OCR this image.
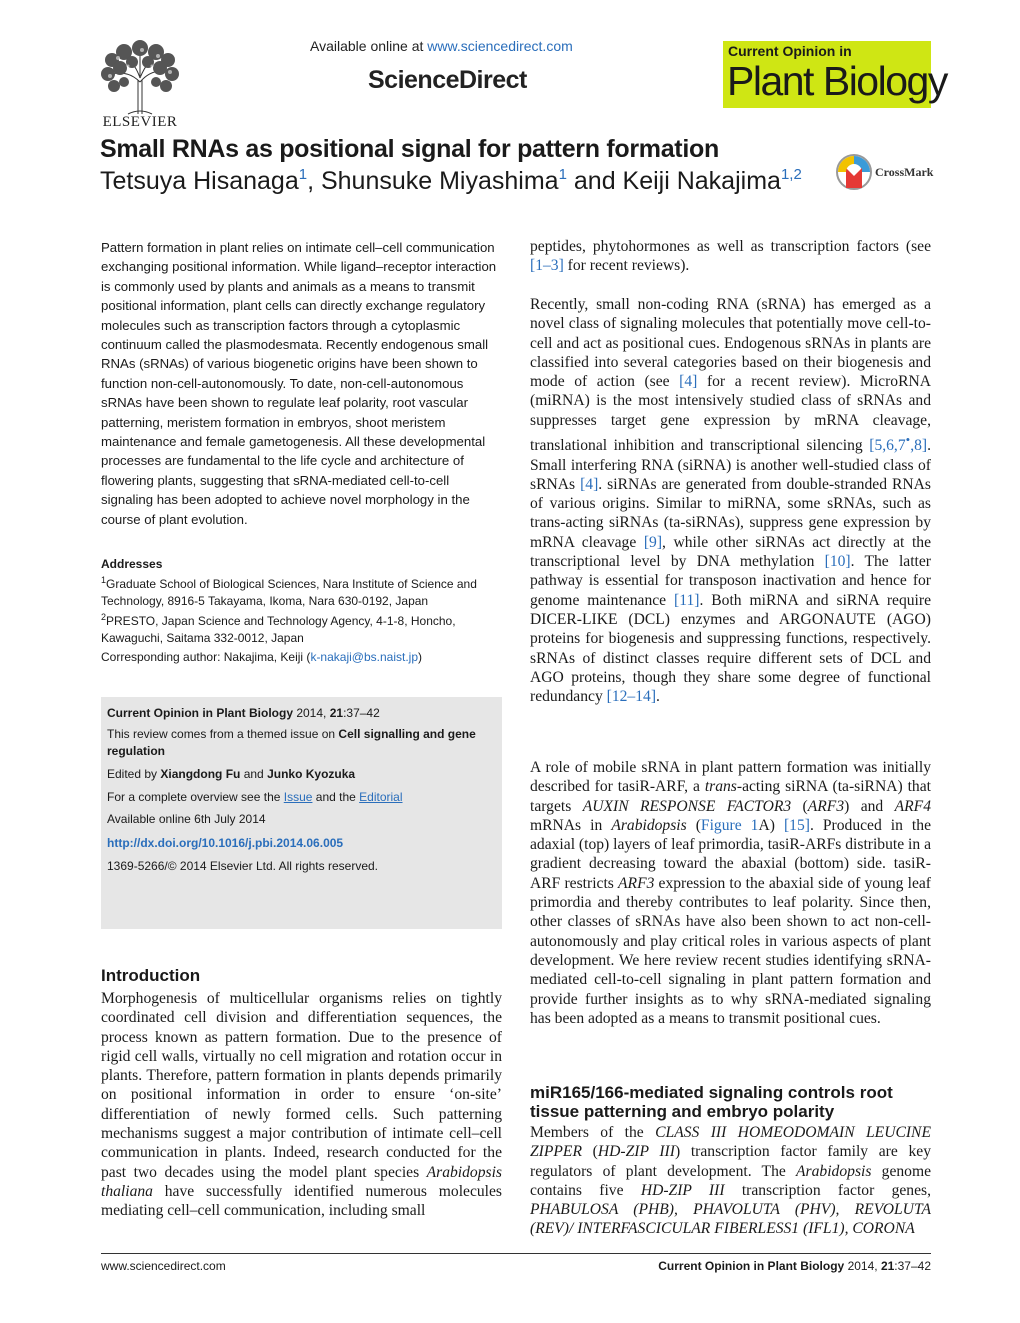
ELSEVIER
Available online at www.sciencedirect.com
ScienceDirect
Current Opinion in
Plant Biology
Small RNAs as positional signal for pattern formation
Tetsuya Hisanaga$^1$, Shunsuke Miyashima$^1$ and Keiji Nakajima$^{1,2}$	CrossMark

Pattern formation in plant relies on intimate cell–cell communication exchanging positional information. While ligand–receptor interaction is commonly used by plants and animals as a means to transmit positional information, plant cells can directly exchange regulatory molecules such as transcription factors through a cytoplasmic continuum called the plasmodesmata. Recently endogenous small RNAs (sRNAs) of various biogenetic origins have been shown to function non-cell-autonomously. To date, non-cell-autonomous sRNAs have been shown to regulate leaf polarity, root vascular patterning, meristem formation in embryos, shoot meristem maintenance and female gametogenesis. All these developmental processes are fundamental to the life cycle and architecture of flowering plants, suggesting that sRNA-mediated cell-to-cell signaling has been adopted to achieve novel morphology in the course of plant evolution.

Addresses
$^1$Graduate School of Biological Sciences, Nara Institute of Science and
Technology, 8916-5 Takayama, Ikoma, Nara 630-0192, Japan
$^2$PRESTO, Japan Science and Technology Agency, 4-1-8, Honcho,
Kawaguchi, Saitama 332-0012, Japan
Corresponding author: Nakajima, Keiji (k-nakaji@bs.naist.jp)
Current Opinion in Plant Biology 2014, 21:37–42
This review comes from a themed issue on Cell signalling and gene regulation
Edited by Xiangdong Fu and Junko Kyozuka
For a complete overview see the Issue and the Editorial
Available online 6th July 2014
http://dx.doi.org/10.1016/j.pbi.2014.06.005
1369-5266/© 2014 Elsevier Ltd. All rights reserved.
Introduction

Morphogenesis of multicellular organisms relies on tightly coordinated cell division and differentiation sequences, the process known as pattern formation. Due to the presence of rigid cell walls, virtually no cell migration and rotation occur in plants. Therefore, pattern formation in plants depends primarily on positional information in order to ensure ‘on-site’ differentiation of newly formed cells. Such patterning mechanisms suggest a major contribution of intimate cell–cell communication in plants. Indeed, research conducted for the past two decades using the model plant species Arabidopsis thaliana have successfully identified numerous molecules mediating cell–cell communication, including small

peptides, phytohormones as well as transcription factors (see [1–3] for recent reviews).

Recently, small non-coding RNA (sRNA) has emerged as a novel class of signaling molecules that potentially move cell-to-cell and act as positional cues. Endogenous sRNAs in plants are classified into several categories based on their biogenesis and mode of action (see [4] for a recent review). MicroRNA (miRNA) is the most intensively studied class of sRNAs and suppresses target gene expression by mRNA cleavage, translational inhibition and transcriptional silencing [5,6,7•,8]. Small interfering RNA (siRNA) is another well-studied class of sRNAs [4]. siRNAs are generated from double-stranded RNAs of various origins. Similar to miRNA, some sRNAs, such as trans-acting siRNAs (ta-siRNAs), suppress gene expression by mRNA cleavage [9], while other siRNAs act directly at the transcriptional level by DNA methylation [10]. The latter pathway is essential for transposon inactivation and hence for genome maintenance [11]. Both miRNA and siRNA require DICER-LIKE (DCL) enzymes and ARGONAUTE (AGO) proteins for biogenesis and suppressing functions, respectively. sRNAs of distinct classes require different sets of DCL and AGO proteins, though they share some degree of functional redundancy [12–14].

A role of mobile sRNA in plant pattern formation was initially described for tasiR-ARF, a trans-acting siRNA (ta-siRNA) that targets AUXIN RESPONSE FACTOR3 (ARF3) and ARF4 mRNAs in Arabidopsis (Figure 1A) [15]. Produced in the adaxial (top) layers of leaf primordia, tasiR-ARFs distribute in a gradient decreasing toward the abaxial (bottom) side. tasiR-ARF restricts ARF3 expression to the abaxial side of young leaf primordia and thereby contributes to leaf polarity. Since then, other classes of sRNAs have also been shown to act non-cell-autonomously and play critical roles in various aspects of plant development. We here review recent studies identifying sRNA-mediated cell-to-cell signaling in plant pattern formation and provide further insights as to why sRNA-mediated signaling has been adopted as a means to transmit positional cues.

miR165/166-mediated signaling controls root tissue patterning and embryo polarity

Members of the CLASS III HOMEODOMAIN LEUCINE ZIPPER (HD-ZIP III) transcription factor family are key regulators of plant development. The Arabidopsis genome contains five HD-ZIP III transcription factor genes, PHABULOSA (PHB), PHAVOLUTA (PHV), REVOLUTA (REV)/ INTERFASCICULAR FIBERLESS1 (IFL1), CORONA

www.sciencedirect.com	Current Opinion in Plant Biology 2014, 21:37–42
